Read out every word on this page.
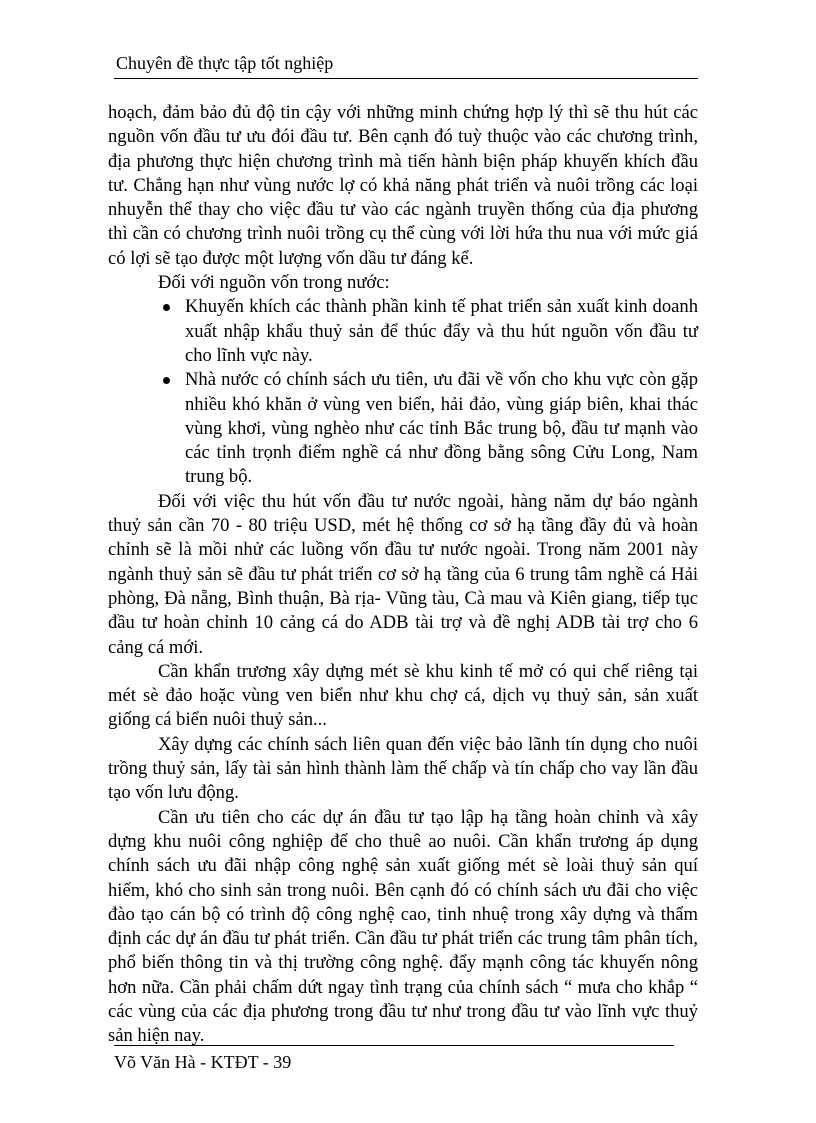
Chuyên đề thực tập tốt nghiệp

hoạch, đảm bảo đủ độ tin cậy với những minh chứng hợp lý thì sẽ thu hút các nguồn vốn đầu tư ưu đói đầu tư. Bên cạnh đó tuỳ thuộc vào các chương trình, địa phương thực hiện chương trình mà tiến hành biện pháp khuyến khích đầu tư. Chẳng hạn như vùng nước lợ có khả năng phát triển và nuôi trồng các loại nhuyễn thể thay cho việc đầu tư vào các ngành truyền thống của địa phương thì cần có chương trình nuôi trồng cụ thể cùng với lời hứa thu nua với mức giá có lợi sẽ tạo được một lượng vốn dầu tư đáng kể.

Đối với nguồn vốn trong nước:

Khuyến khích các thành phần kinh tế phat triển sản xuất kinh doanh xuất nhập khẩu thuỷ sản để thúc đẩy và thu hút nguồn vốn đầu tư cho lĩnh vực này.
Nhà nước có chính sách ưu tiên, ưu đãi về vốn cho khu vực còn gặp nhiều khó khăn ở vùng ven biển, hải đảo, vùng giáp biên, khai thác vùng khơi, vùng nghèo như các tỉnh Bắc trung bộ, đầu tư mạnh vào các tỉnh trọnh điểm nghề cá như đồng bằng sông Cửu Long, Nam trung bộ.

Đối với việc thu hút vốn đầu tư nước ngoài, hàng năm dự báo ngành thuỷ sản cần 70 - 80 triệu USD, mét hệ thống cơ sở hạ tầng đầy đủ và hoàn chỉnh sẽ là mồi nhử các luồng vốn đầu tư nước ngoài. Trong năm 2001 này ngành thuỷ sản sẽ đầu tư phát triển cơ sở hạ tầng của 6 trung tâm nghề cá Hải phòng, Đà nẵng, Bình thuận, Bà rịa- Vũng tàu, Cà mau và Kiên giang, tiếp tục đầu tư hoàn chỉnh 10 cảng cá do ADB tài trợ và đề nghị ADB tài trợ cho 6 cảng cá mới.

Cần khẩn trương xây dựng mét sè khu kinh tế mở có qui chế riêng tại mét sè đảo hoặc vùng ven biển như khu chợ cá, dịch vụ thuỷ sản, sản xuất giống cá biển nuôi thuỷ sản...

Xây dựng các chính sách liên quan đến việc bảo lãnh tín dụng cho nuôi trồng thuỷ sản, lấy tài sản hình thành làm thế chấp và tín chấp cho vay lần đầu tạo vốn lưu động.

Cần ưu tiên cho các dự án đầu tư tạo lập hạ tầng hoàn chỉnh và xây dựng khu nuôi công nghiệp để cho thuê ao nuôi. Cần khẩn trương áp dụng chính sách ưu đãi nhập công nghệ sản xuất giống mét sè loài thuỷ sản quí hiếm, khó cho sinh sản trong nuôi. Bên cạnh đó có chính sách ưu đãi cho việc đào tạo cán bộ có trình độ công nghệ cao, tinh nhuệ trong xây dựng và thẩm định các dự án đầu tư phát triển. Cần đầu tư phát triển các trung tâm phân tích, phổ biến thông tin và thị trường công nghệ. đẩy mạnh công tác khuyến nông hơn nữa. Cần phải chấm dứt ngay tình trạng của chính sách “ mưa cho khắp “ các vùng của các địa phương trong đầu tư như trong đầu tư vào lĩnh vực thuỷ sản hiện nay.

Võ Văn Hà - KTĐT - 39
